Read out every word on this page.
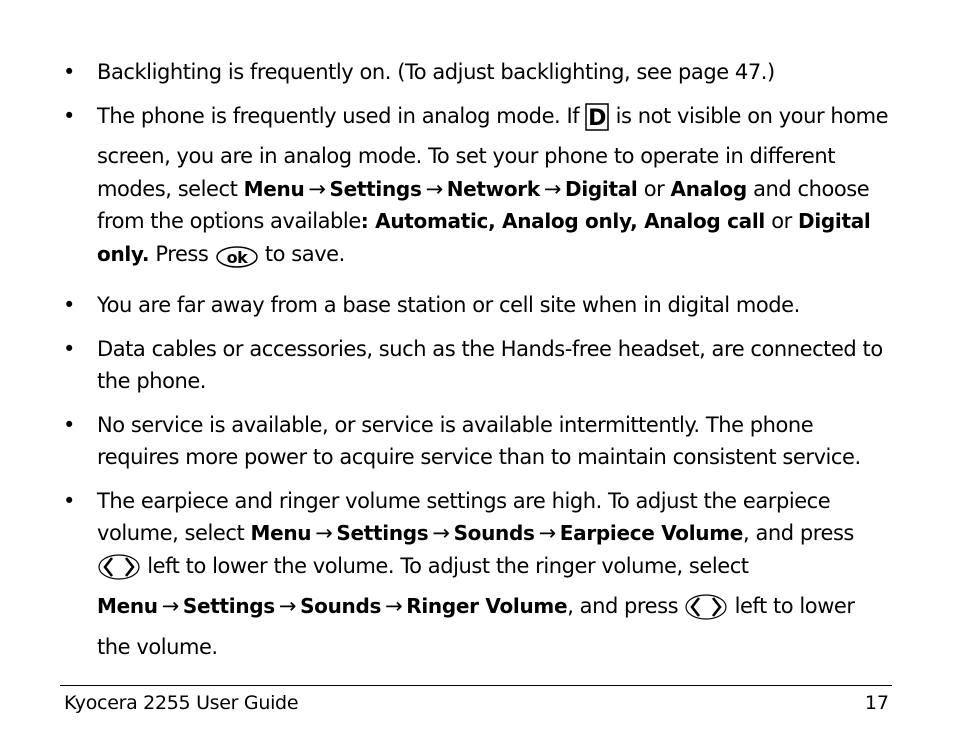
• Backlighting is frequently on. (To adjust backlighting, see page 47.)
• The phone is frequently used in analog mode. If D is not visible on your home screen, you are in analog mode. To set your phone to operate in different modes, select Menu → Settings → Network → Digital or Analog and choose from the options available: Automatic, Analog only, Analog call or Digital only. Press ok to save.
• You are far away from a base station or cell site when in digital mode.
• Data cables or accessories, such as the Hands-free headset, are connected to the phone.
• No service is available, or service is available intermittently. The phone requires more power to acquire service than to maintain consistent service.
• The earpiece and ringer volume settings are high. To adjust the earpiece volume, select Menu → Settings → Sounds → Earpiece Volume, and press  left to lower the volume. To adjust the ringer volume, select Menu → Settings → Sounds → Ringer Volume, and press	left to lower the volume.
Kyocera 2255 User Guide	17
